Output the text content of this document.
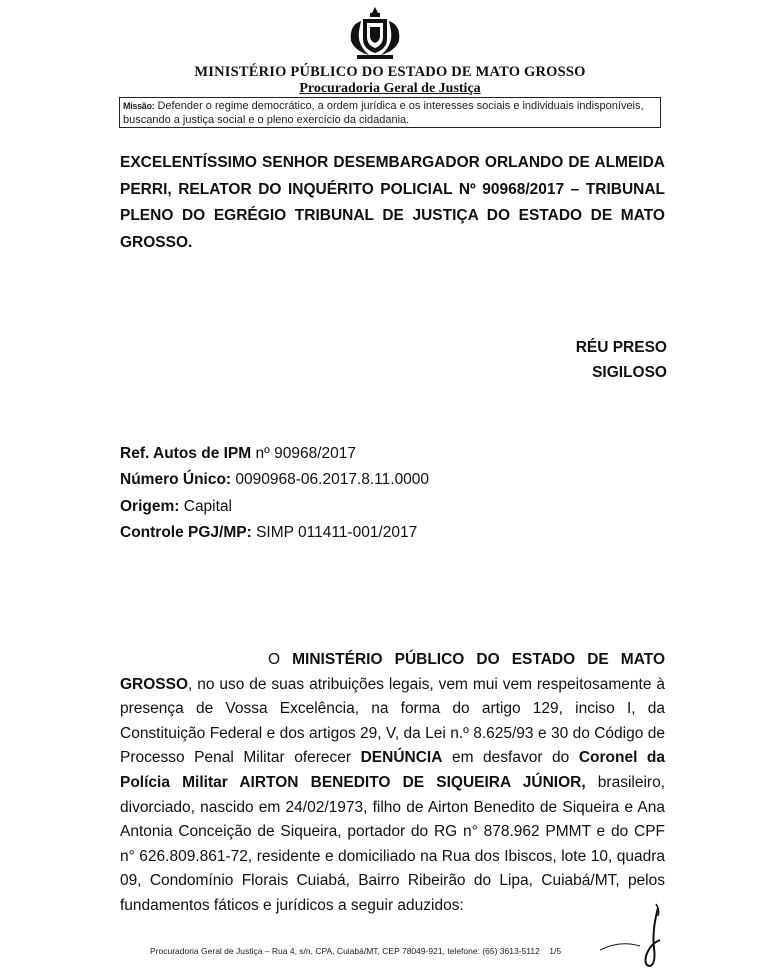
MINISTÉRIO PÚBLICO DO ESTADO DE MATO GROSSO
Procuradoria Geral de Justiça
Missão: Defender o regime democrático, a ordem jurídica e os interesses sociais e individuais indisponíveis, buscando a justiça social e o pleno exercício da cidadania.
EXCELENTÍSSIMO SENHOR DESEMBARGADOR ORLANDO DE ALMEIDA PERRI, RELATOR DO INQUÉRITO POLICIAL Nº 90968/2017 – TRIBUNAL PLENO DO EGRÉGIO TRIBUNAL DE JUSTIÇA DO ESTADO DE MATO GROSSO.
RÉU PRESO
SIGILOSO
Ref. Autos de IPM nº 90968/2017
Número Único: 0090968-06.2017.8.11.0000
Origem: Capital
Controle PGJ/MP: SIMP 011411-001/2017
O MINISTÉRIO PÚBLICO DO ESTADO DE MATO GROSSO, no uso de suas atribuições legais, vem mui vem respeitosamente à presença de Vossa Excelência, na forma do artigo 129, inciso I, da Constituição Federal e dos artigos 29, V, da Lei n.º 8.625/93 e 30 do Código de Processo Penal Militar oferecer DENÚNCIA em desfavor do Coronel da Polícia Militar AIRTON BENEDITO DE SIQUEIRA JÚNIOR, brasileiro, divorciado, nascido em 24/02/1973, filho de Airton Benedito de Siqueira e Ana Antonia Conceição de Siqueira, portador do RG n° 878.962 PMMT e do CPF n° 626.809.861-72, residente e domiciliado na Rua dos Ibiscos, lote 10, quadra 09, Condomínio Florais Cuiabá, Bairro Ribeirão do Lipa, Cuiabá/MT, pelos fundamentos fáticos e jurídicos a seguir aduzidos:
Procuradoria Geral de Justiça – Rua 4, s/n, CPA, Cuiabá/MT, CEP 78049-921, telefone: (65) 3613-5112 1/5
